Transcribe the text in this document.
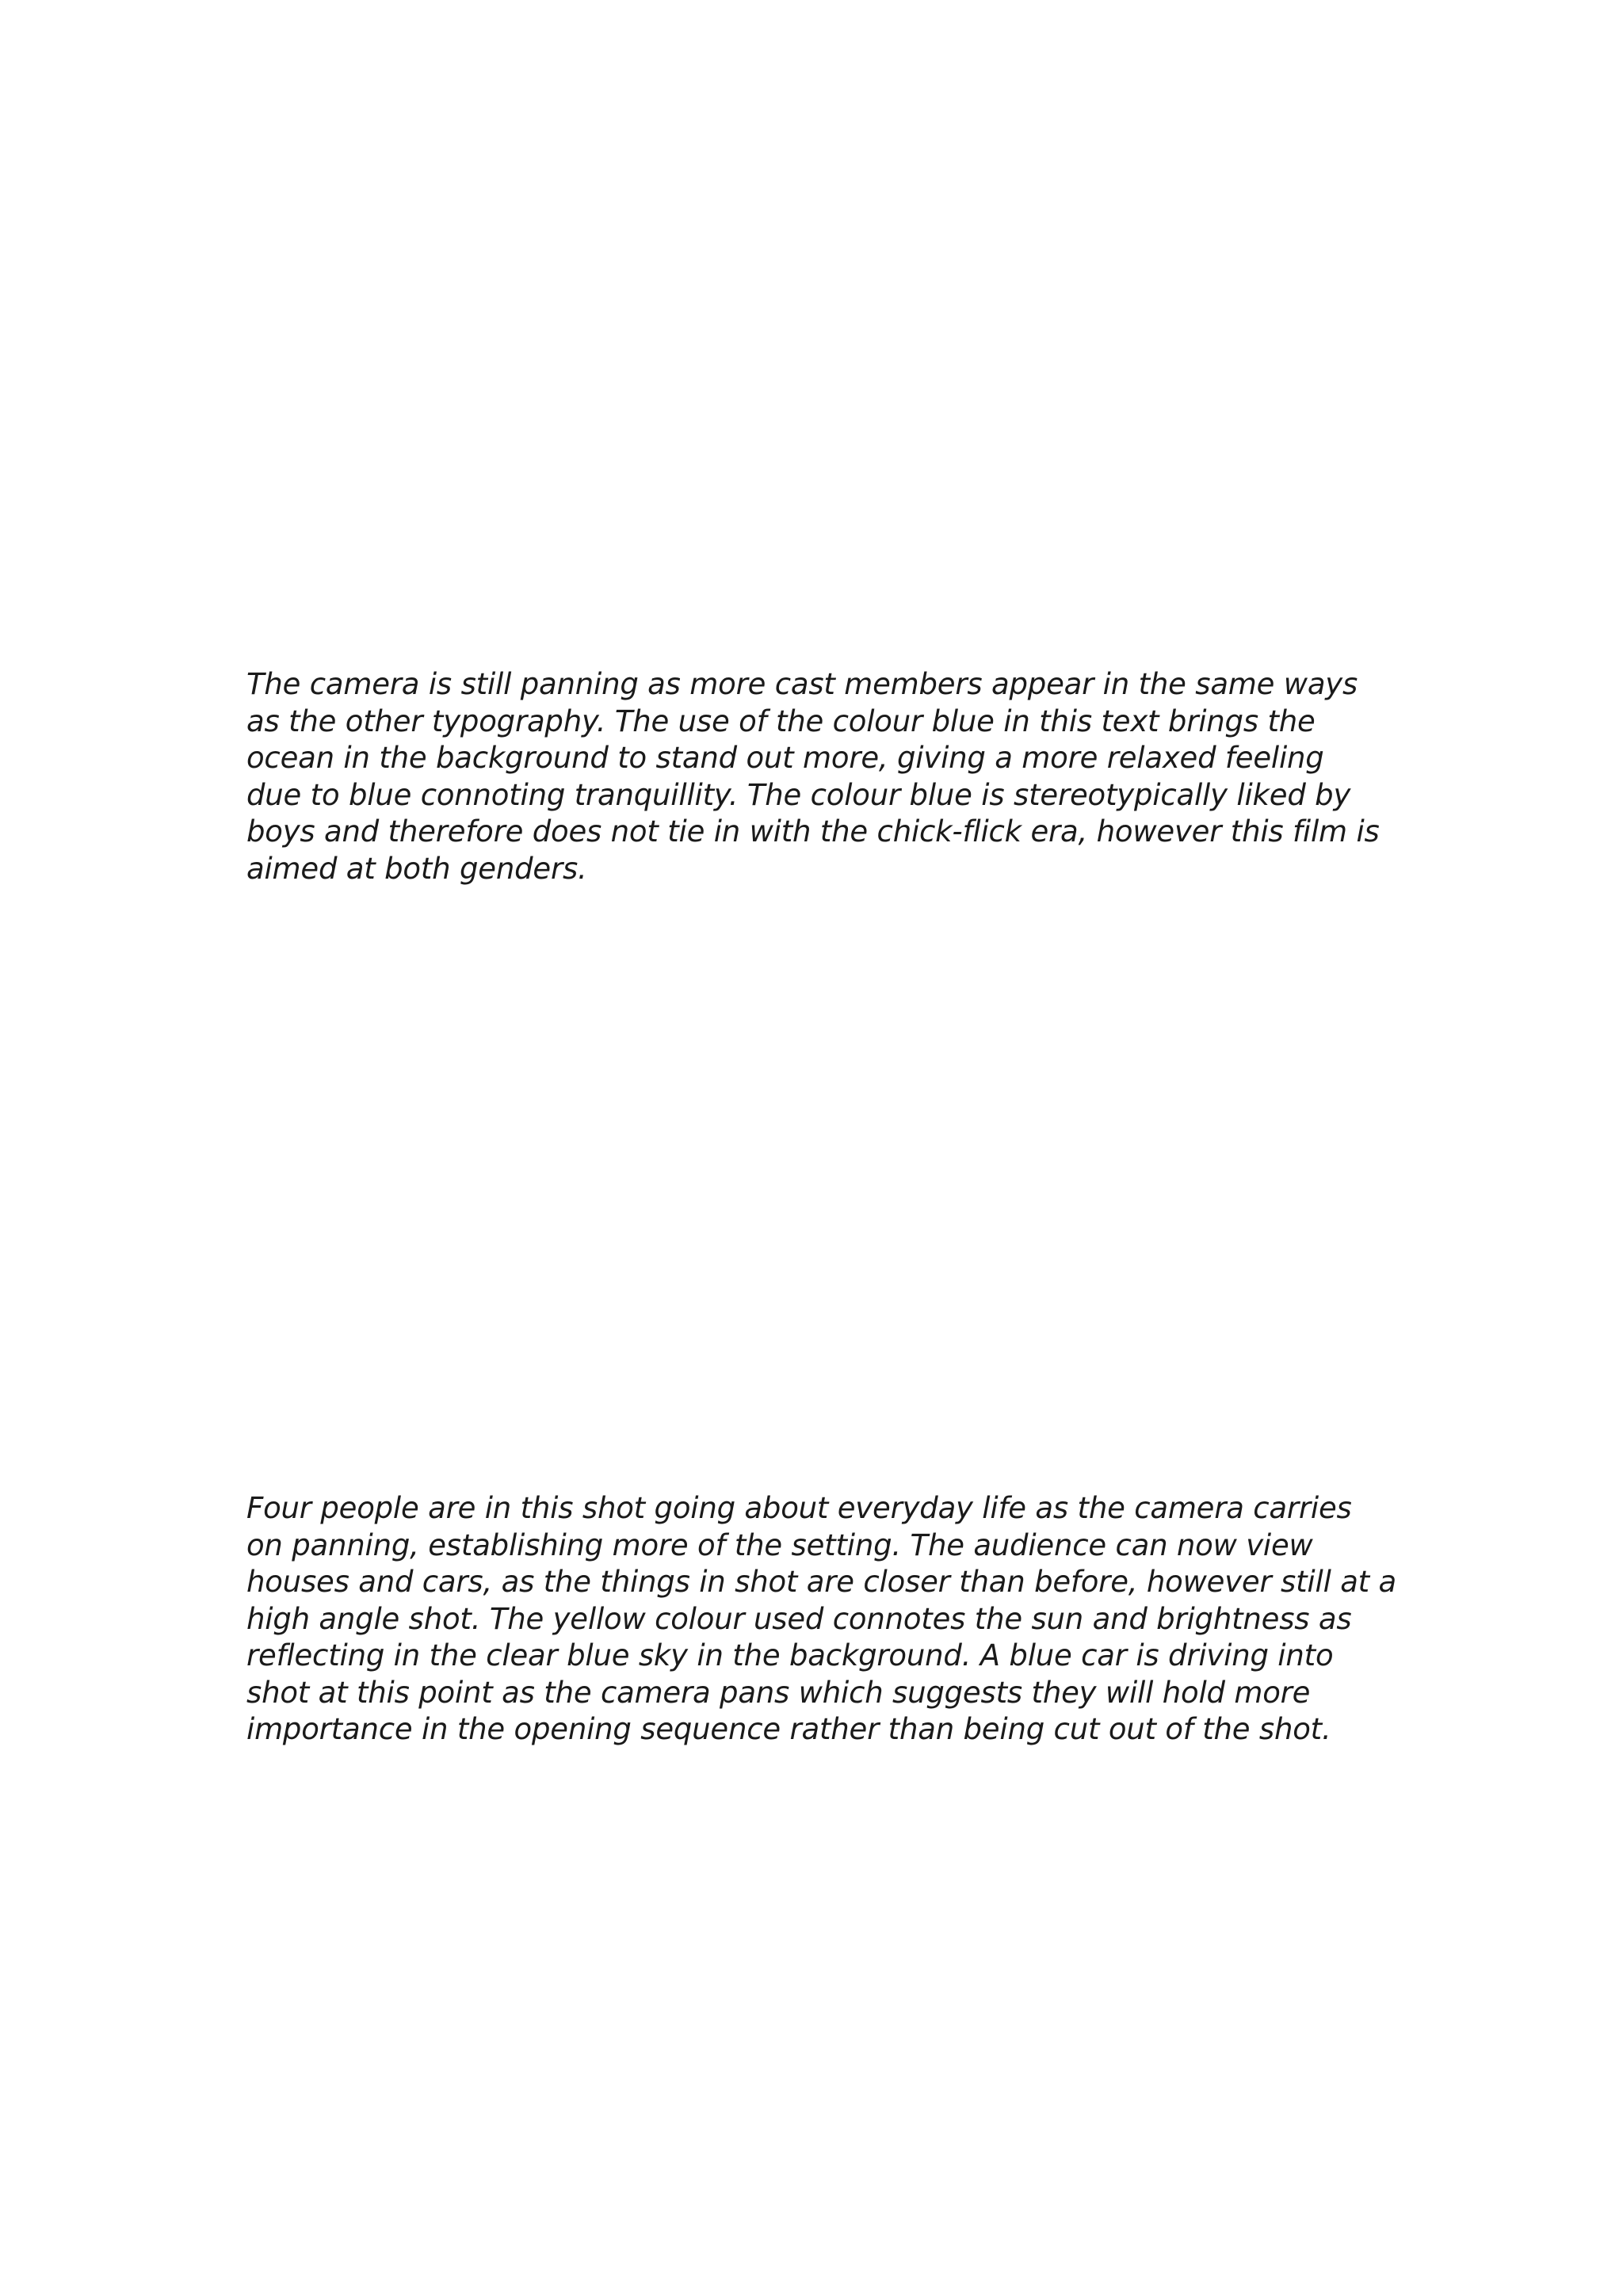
The camera is still panning as more cast members appear in the same ways
as the other typography. The use of the colour blue in this text brings the
ocean in the background to stand out more, giving a more relaxed feeling
due to blue connoting tranquillity. The colour blue is stereotypically liked by
boys and therefore does not tie in with the chick-flick era, however this film is
aimed at both genders.

Four people are in this shot going about everyday life as the camera carries
on panning, establishing more of the setting. The audience can now view
houses and cars, as the things in shot are closer than before, however still at a
high angle shot. The yellow colour used connotes the sun and brightness as
reflecting in the clear blue sky in the background. A blue car is driving into
shot at this point as the camera pans which suggests they will hold more
importance in the opening sequence rather than being cut out of the shot.
